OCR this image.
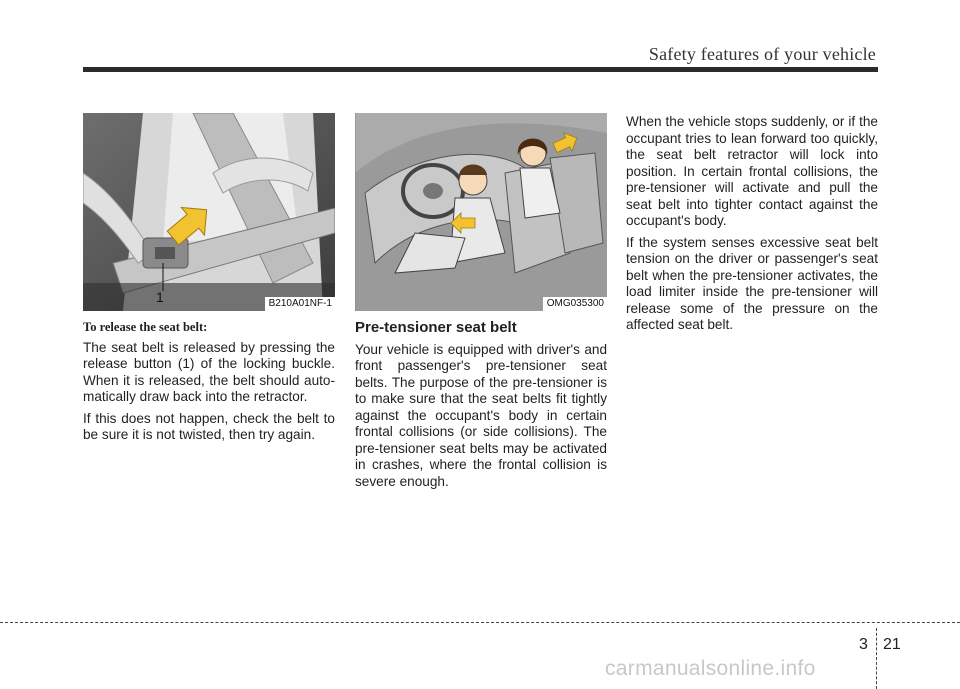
Safety features of your vehicle
1	B210A01NF-1
To release the seat belt:

The seat belt is released by pressing the release button (1) of the locking buckle. When it is released, the belt should auto-matically draw back into the retractor.

If this does not happen, check the belt to be sure it is not twisted, then try again.

OMG035300
Pre-tensioner seat belt

Your vehicle is equipped with driver's and front passenger's pre-tensioner seat belts. The purpose of the pre-tensioner is to make sure that the seat belts fit tightly against the occupant's body in certain frontal collisions (or side collisions). The pre-tensioner seat belts may be activated in crashes, where the frontal collision is severe enough.

When the vehicle stops suddenly, or if the occupant tries to lean forward too quickly, the seat belt retractor will lock into position. In certain frontal collisions, the pre-tensioner will activate and pull the seat belt into tighter contact against the occupant's body.

If the system senses excessive seat belt tension on the driver or passenger's seat belt when the pre-tensioner activates, the load limiter inside the pre-tensioner will release some of the pressure on the affected seat belt.

3 21
carmanualsonline.info
